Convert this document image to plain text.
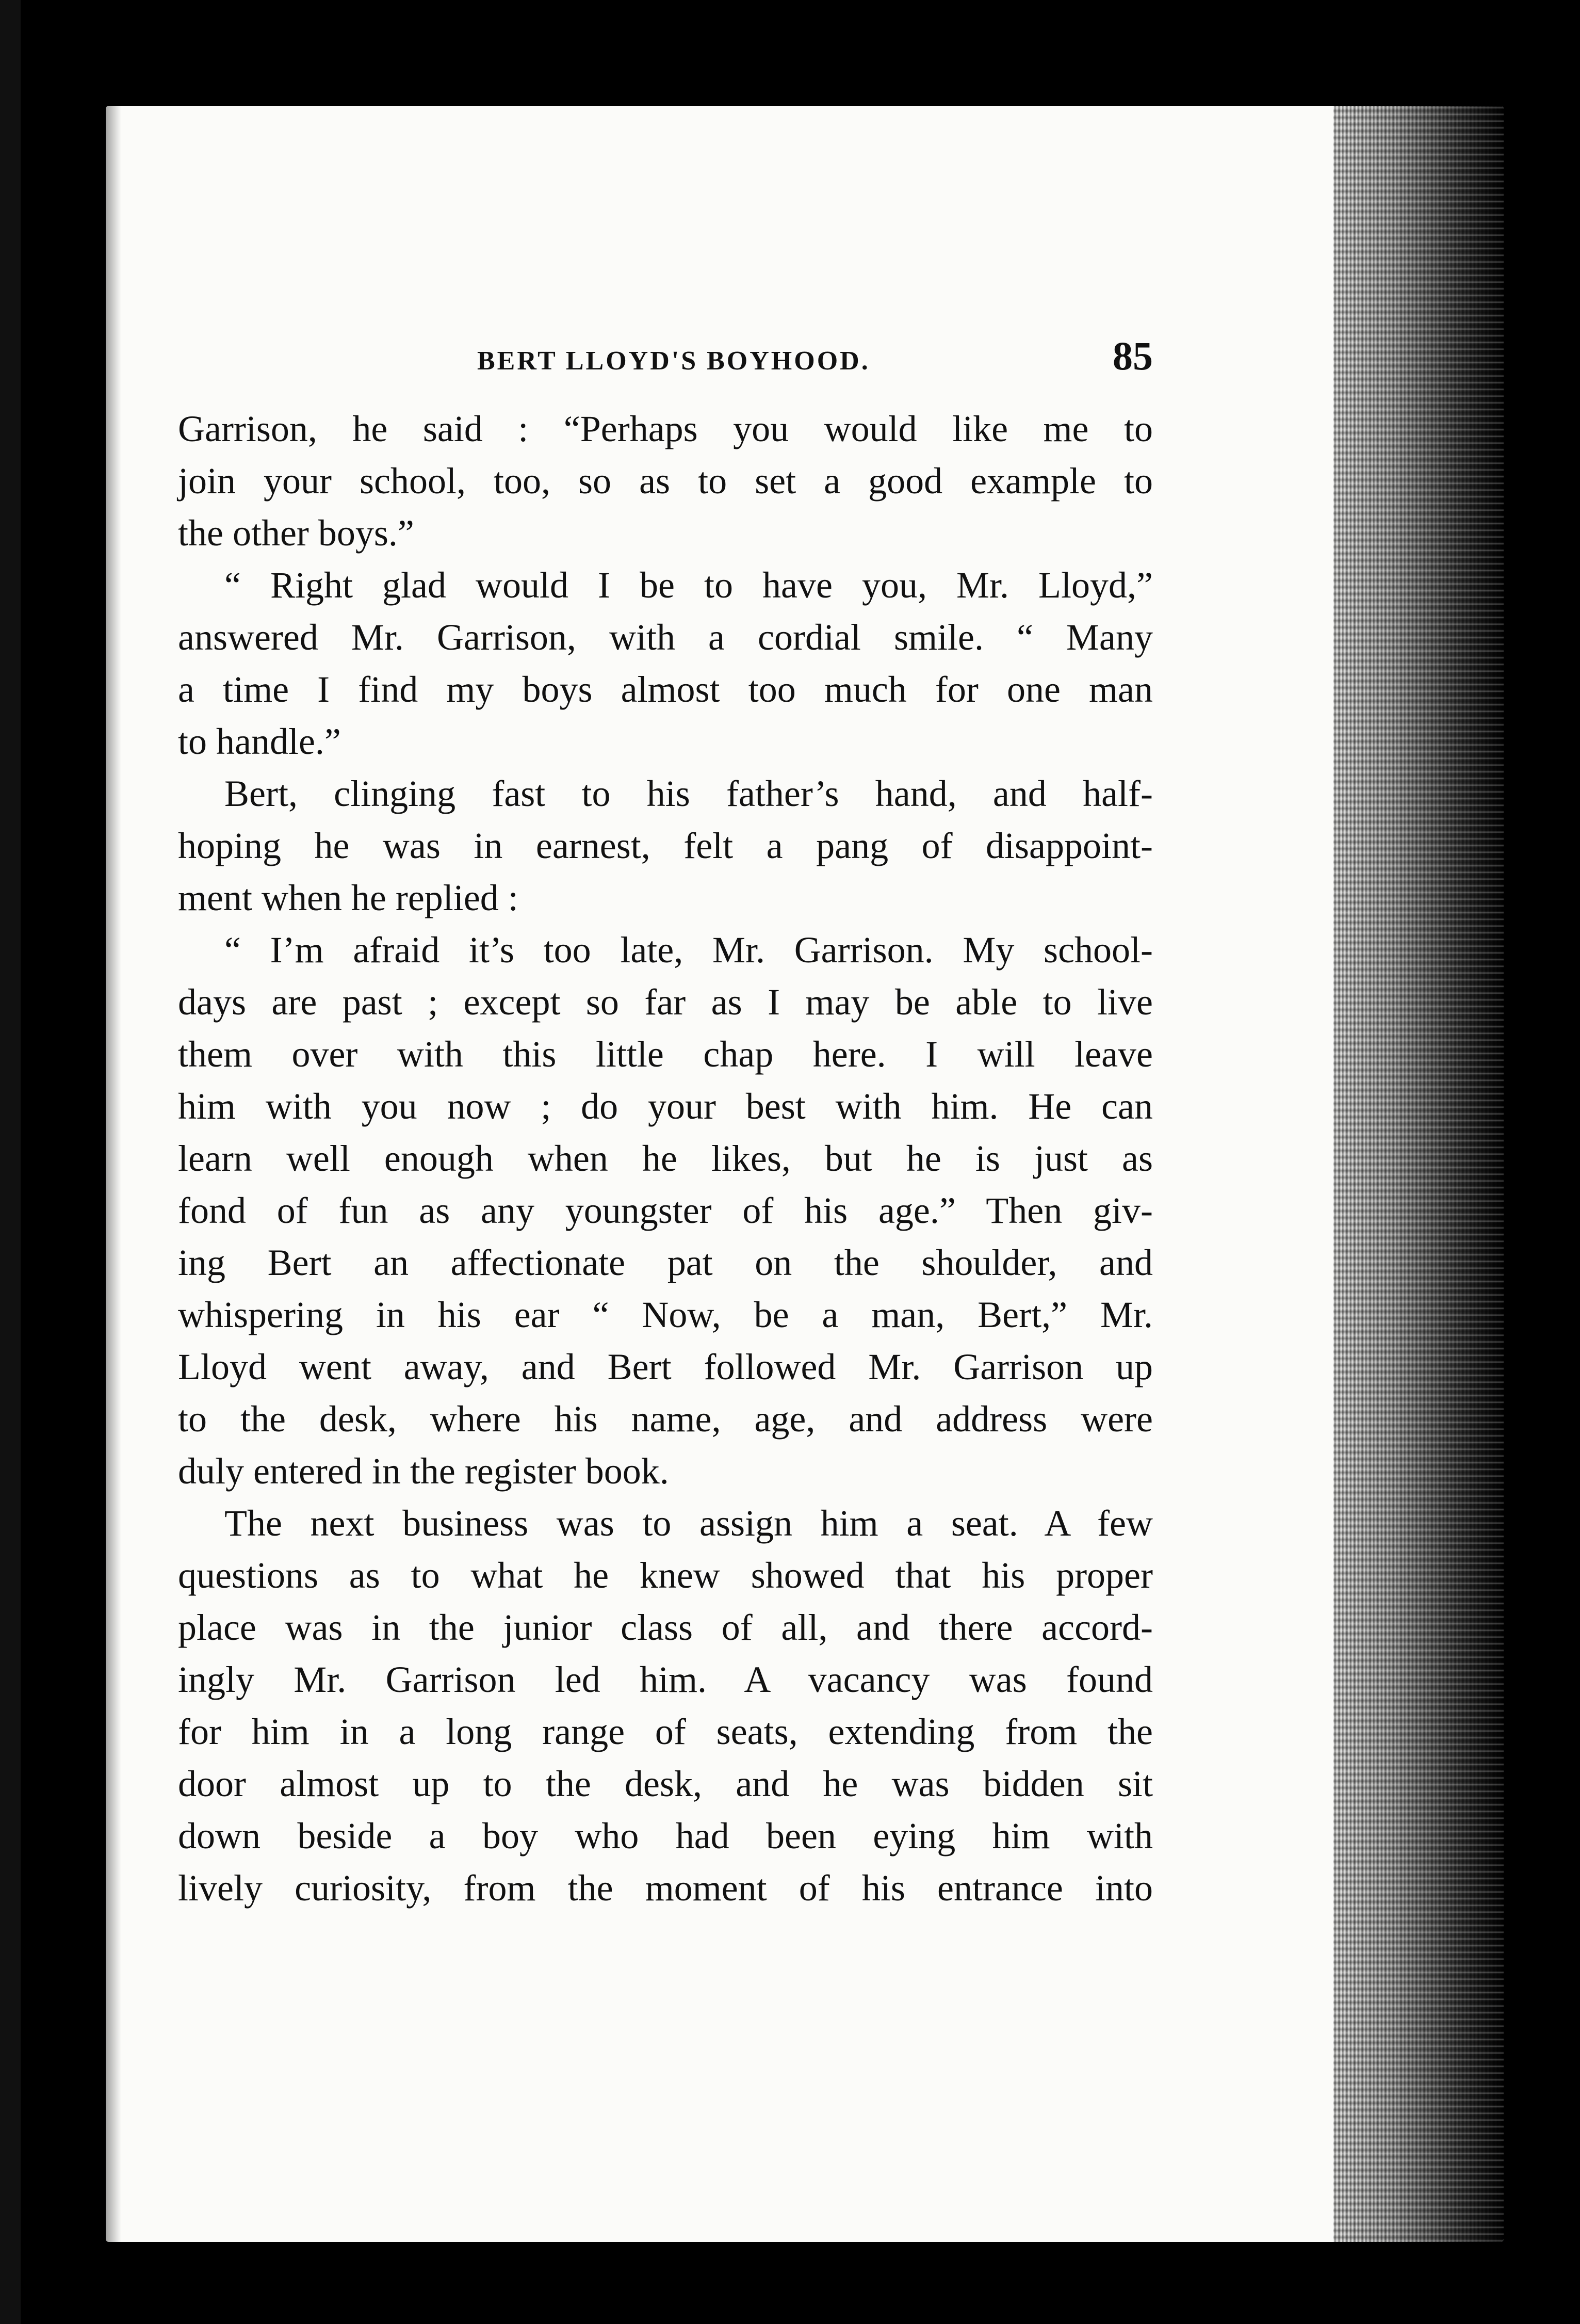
BERT LLOYD'S BOYHOOD.	85
Garrison, he said : “Perhaps you would like me to
join your school, too, so as to set a good example to
the other boys.”
“ Right glad would I be to have you, Mr. Lloyd,”
answered Mr. Garrison, with a cordial smile. “ Many
a time I find my boys almost too much for one man
to handle.”
Bert, clinging fast to his father’s hand, and half-
hoping he was in earnest, felt a pang of disappoint-
ment when he replied :
“ I’m afraid it’s too late, Mr. Garrison. My school-
days are past ; except so far as I may be able to live
them over with this little chap here. I will leave
him with you now ; do your best with him. He can
learn well enough when he likes, but he is just as
fond of fun as any youngster of his age.” Then giv-
ing Bert an affectionate pat on the shoulder, and
whispering in his ear “ Now, be a man, Bert,” Mr.
Lloyd went away, and Bert followed Mr. Garrison up
to the desk, where his name, age, and address were
duly entered in the register book.
The next business was to assign him a seat. A few
questions as to what he knew showed that his proper
place was in the junior class of all, and there accord-
ingly Mr. Garrison led him. A vacancy was found
for him in a long range of seats, extending from the
door almost up to the desk, and he was bidden sit
down beside a boy who had been eying him with
lively curiosity, from the moment of his entrance into
